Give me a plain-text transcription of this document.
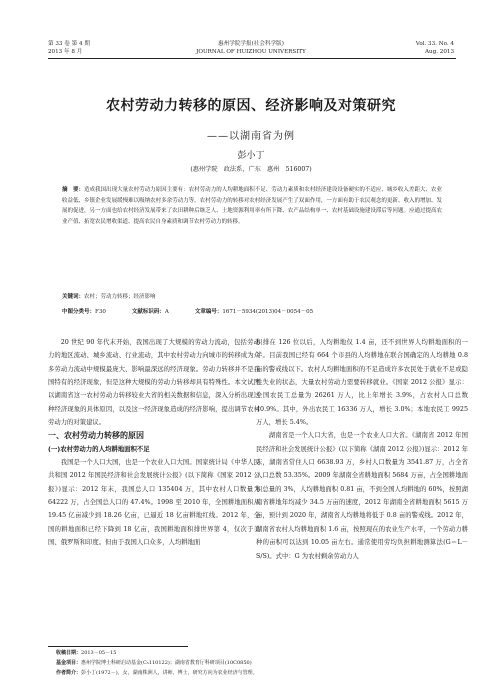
第 33 卷 第 4 期
2013 年 8 月
惠州学院学报(社会科学版)
JOURNAL OF HUIZHOU UNIVERSITY
Vol. 33. No. 4
Aug. 2013
农村劳动力转移的原因、经济影响及对策研究
——以湖南省为例
彭小丁
(惠州学院　政法系，广东　惠州　516007)
摘　要：造成我国出现大量农村劳动力原因主要有：农村劳动力的人均耕地面积不足、劳动力素质和农村经济建设设备硬实的不适应、城乡收入差距大、农业收益低、乡镇企业发展缓慢难以吸纳农村多余劳动力等。农村劳动力的转移对农村经济发展产生了双面作用，一方面有助于农民观念的更新、收入的增加、发展的促进，另一方面也给农村经济发展带来了农田耕种后继乏人、土地资源利用率有所下降、农产品结构单一、农村基础设施建设滞后等问题。应通过提高农业产值、拓宽农民增收渠道、提高农民自身素质和调节农村劳动力的转移。
关键词：农村；劳动力转移；经济影响
中图分类号：F30	文献标识码：A	文章编号：1671－5934(2013)04－0054－05

20 世纪 90 年代末开始，我国出现了大规模的劳动力流动，包括劳动力的地区流动、城乡流动、行业流动，其中农村劳动力向城市的转移成为众多劳动力流动中规模最庞大、影响最深远的经济现象。劳动力转移并不是我国特有的经济现象，但是这种大规模的劳动力转移却具有特殊性。本文试图以湖南省这一农村劳动力转移较业大省的相关数据和信息，深入分析出现这种经济现象的具体原因，以及这一经济现象造成的经济影响，提出调节农村劳动力的对策建议。

一、农村劳动力转移的原因

(一)农村劳动力的人均耕地面积不足

我国是一个人口大国，也是一个农业人口大国。国家统计局《中华人民共和国 2012 年国民经济和社会发展统计公报》(以下简称《国家 2012 公报》)显示：2012 年末，我国总人口 135404 万，其中农村人口数量为 64222 万，占全国总人口的 47.4%。1998 至 2010 年，全国耕地面积从 19.45 亿亩减少到 18.26 亿亩，已逼近 18 亿亩耕地红线。2012 年，全国的耕地面积已经下降到 18 亿亩，我国耕地面积排世界第 4，仅次于美国、俄罗斯和印度。但由于我国人口众多，人均耕地面

积排在 126 位以后，人均耕地仅 1.4 亩，还不到世界人均耕地面积的一半。目前我国已经有 664 个市县的人均耕地在联合国确定的人均耕地 0.8 亩的警戒线以下。农村人均耕地面积的不足造成许多农民处于就业不足或隐性失业的状态，大量农村劳动力需要转移就业。《国家 2012 公报》显示：全国农民工总量为 26261 万人，比上年增长 3.9%，占农村人口总数 40.9%。其中，外出农民工 16336 万人，增长 3.0%；本地农民工 9925 万人，增长 5.4%。

湖南省是一个人口大省，也是一个农业人口大省。《湖南省 2012 年国民经济和社会发展统计公报》(以下简称《湖南 2012 公报》)显示：2012 年末，湖南省常住人口 6638.93 万，乡村人口数量为 3541.87 万，占全省人口总数 53.35%。2009 年湖南全省耕地面积 5684 万亩，占全国耕地面积总量的 3%，人均耕地面积 0.81 亩，不到全国人均耕地的 60%，按照湖南省耕地年均减少 34.5 万亩的速度，2012 年湖南全省耕地面积 5615 万亩，预计到 2020 年，湖南省人均耕地将低于 0.8 亩的警戒线。2012 年，湖南省农村人均耕地面积 1.6 亩，按照现在的农业生产水平，一个劳动力耕种的亩积可以达到 10.05 亩左右。通常使用劳均负担耕地测算法(G＝L－S/S)。式中：G 为农村剩余劳动力人

收稿日期：2013－05－15
基金项目：惠州学院博士科研启动基金(C₅110122)；湖南省教育厅科研项目(10C0850)
作者简介：彭小丁(1972－)，女，湖南株洲人，讲师，博士，研究方向为农业经济与管理。
